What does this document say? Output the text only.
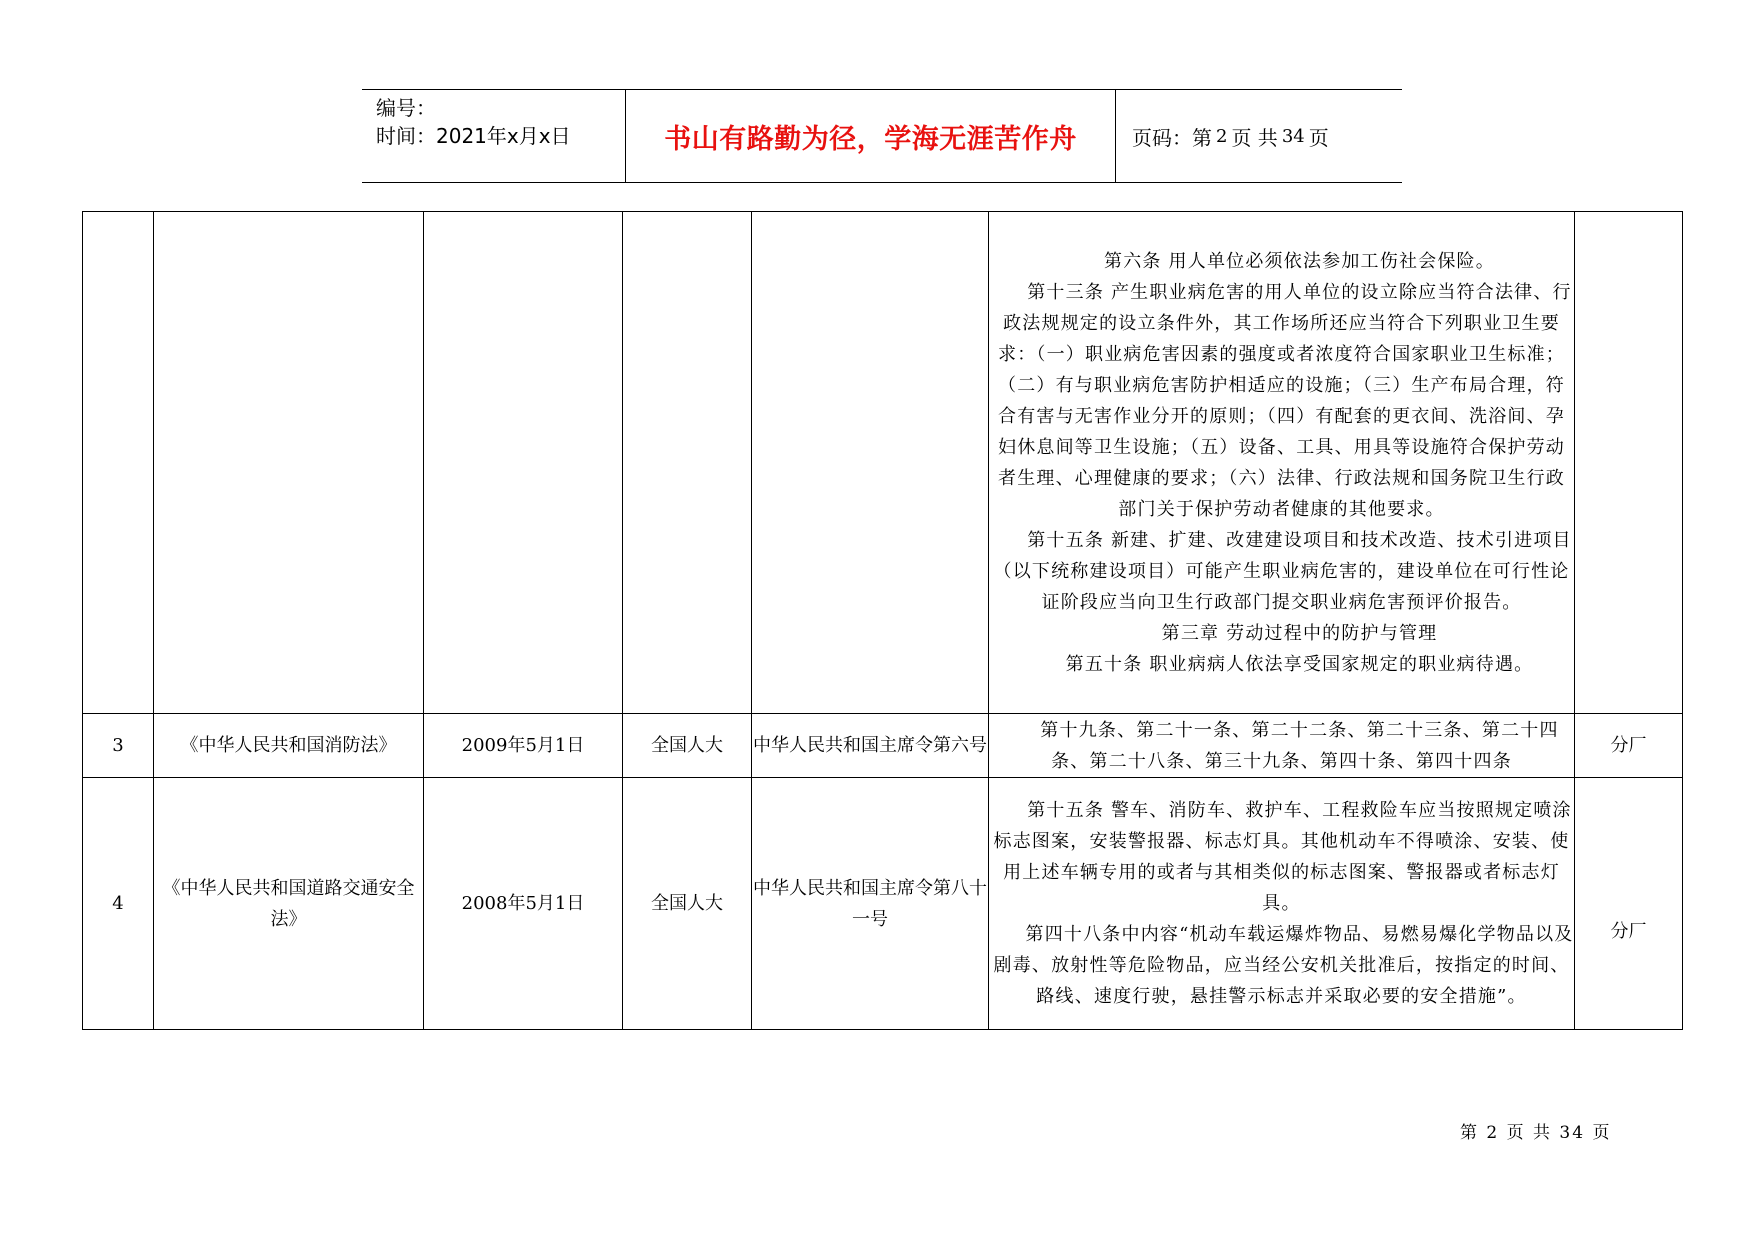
编号：
时间：2021年x月x日	书山有路勤为径，学海无涯苦作舟	页码：第 2 页 共 34 页

					第六条 用人单位必须依法参加工伤社会保险。

第十三条 产生职业病危害的用人单位的设立除应当符合法律、行政法规规定的设立条件外，其工作场所还应当符合下列职业卫生要求：（一）职业病危害因素的强度或者浓度符合国家职业卫生标准；（二）有与职业病危害防护相适应的设施；（三）生产布局合理，符合有害与无害作业分开的原则；（四）有配套的更衣间、洗浴间、孕妇休息间等卫生设施；（五）设备、工具、用具等设施符合保护劳动者生理、心理健康的要求；（六）法律、行政法规和国务院卫生行政部门关于保护劳动者健康的其他要求。

第十五条 新建、扩建、改建建设项目和技术改造、技术引进项目（以下统称建设项目）可能产生职业病危害的，建设单位在可行性论证阶段应当向卫生行政部门提交职业病危害预评价报告。

第三章 劳动过程中的防护与管理

第五十条 职业病病人依法享受国家规定的职业病待遇。	

3	《中华人民共和国消防法》	2009年5月1日	全国人大	中华人民共和国主席令第六号	第十九条、第二十一条、第二十二条、第二十三条、第二十四条、第二十八条、第三十九条、第四十条、第四十四条	分厂
4	《中华人民共和国道路交通安全法》	2008年5月1日	全国人大	中华人民共和国主席令第八十一号	第十五条 警车、消防车、救护车、工程救险车应当按照规定喷涂标志图案，安装警报器、标志灯具。其他机动车不得喷涂、安装、使用上述车辆专用的或者与其相类似的标志图案、警报器或者标志灯具。

第四十八条中内容“机动车载运爆炸物品、易燃易爆化学物品以及剧毒、放射性等危险物品，应当经公安机关批准后，按指定的时间、路线、速度行驶，悬挂警示标志并采取必要的安全措施”。	分厂
第 2 页 共 34 页
